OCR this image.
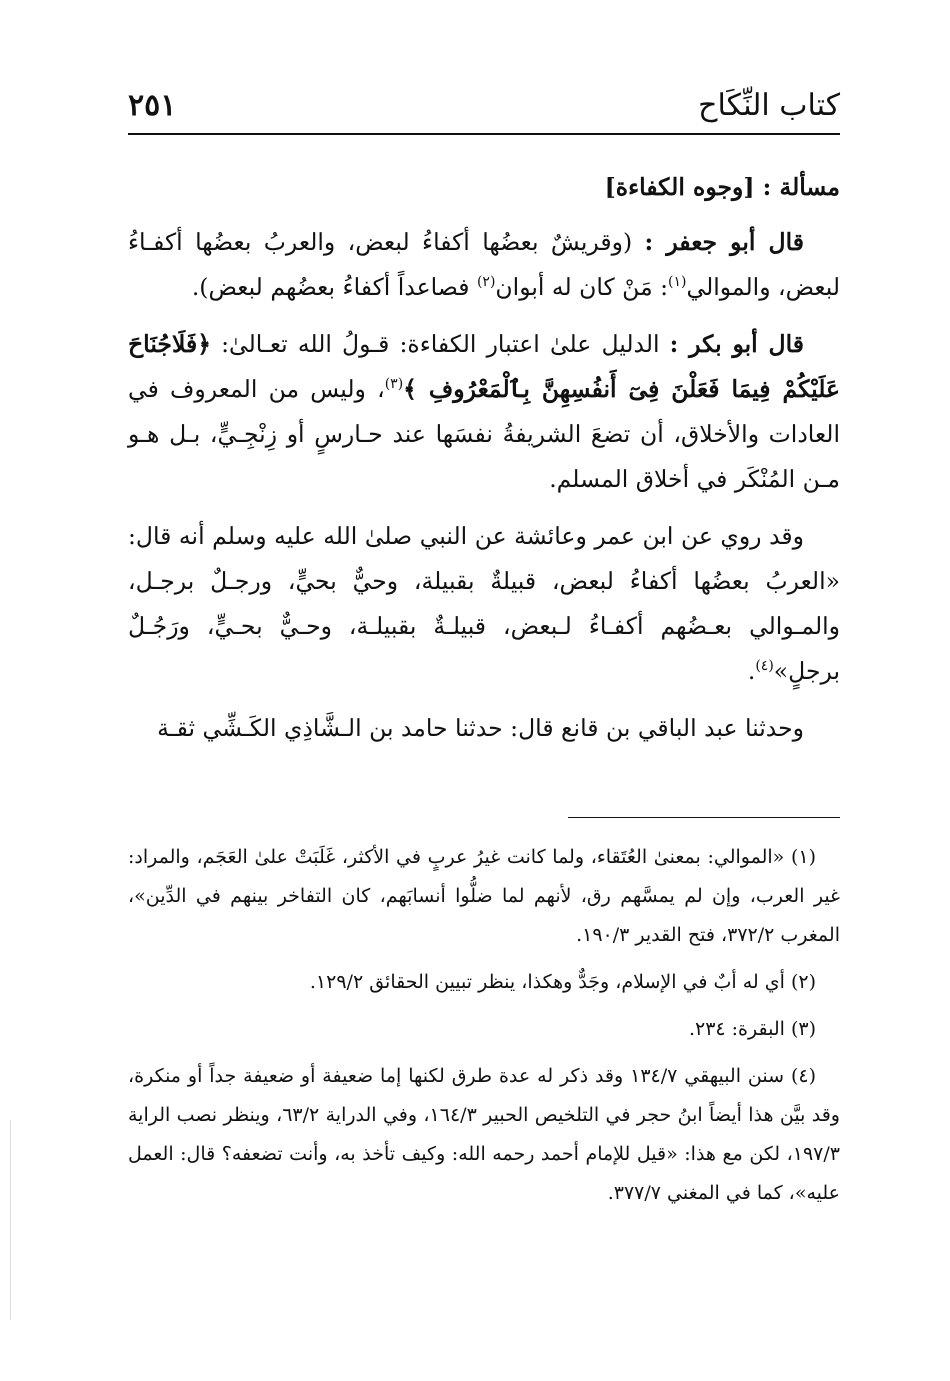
كتاب النِّكَاح
٢٥١

مسألة : [وجوه الكفاءة]

قال أبو جعفر : (وقريشٌ بعضُها أكفاءُ لبعض، والعربُ بعضُها أكفـاءُ لبعض، والموالي$^{(١)}$: مَنْ كان له أبوان$^{(٢)}$ فصاعداً أكفاءُ بعضُهم لبعض).

قال أبو بكر : الدليل علىٰ اعتبار الكفاءة: قـولُ الله تعـالىٰ: ﴿فَلَاجُنَاحَ عَلَيْكُمْ فِيمَا فَعَلْنَ فِىٓ أَنفُسِهِنَّ بِٱلْمَعْرُوفِ ﴾$^{(٣)}$، وليس من المعروف في العادات والأخلاق، أن تضعَ الشريفةُ نفسَها عند حـارسٍ أو زِنْجِـيٍّ، بـل هـو مـن المُنْكَر في أخلاق المسلم.

وقد روي عن ابن عمر وعائشة عن النبي صلىٰ الله عليه وسلم أنه قال: «العربُ بعضُها أكفاءُ لبعض، قبيلةٌ بقبيلة، وحيٌّ بحيٍّ، ورجـلٌ برجـل، والمـوالي بعـضُهم أكفـاءُ لـبعض، قبيلـةٌ بقبيلـة، وحـيٌّ بحـيٍّ، ورَجُـلٌ برجلٍ»$^{(٤)}$.

وحدثنا عبد الباقي بن قانع قال: حدثنا حامد بن الـشَّاذِي الكَـشِّي ثقـة

(١) «الموالي: بمعنىٰ العُتَقاء، ولما كانت غيرُ عربٍ في الأكثر، غَلَبَتْ علىٰ العَجَم، والمراد: غير العرب، وإن لم يمسَّهم رق، لأنهم لما ضلُّوا أنسابَهم، كان التفاخر بينهم في الدِّين»، المغرب ٣٧٢/٢، فتح القدير ١٩٠/٣.

(٢) أي له أبٌ في الإسلام، وجَدٌّ وهكذا، ينظر تبيين الحقائق ١٢٩/٢.

(٣) البقرة: ٢٣٤.

(٤) سنن البيهقي ١٣٤/٧ وقد ذكر له عدة طرق لكنها إما ضعيفة أو ضعيفة جداً أو منكرة، وقد بيَّن هذا أيضاً ابنُ حجر في التلخيص الحبير ١٦٤/٣، وفي الدراية ٦٣/٢، وينظر نصب الراية ١٩٧/٣، لكن مع هذا: «قيل للإمام أحمد رحمه الله: وكيف تأخذ به، وأنت تضعفه؟ قال: العمل عليه»، كما في المغني ٣٧٧/٧.
